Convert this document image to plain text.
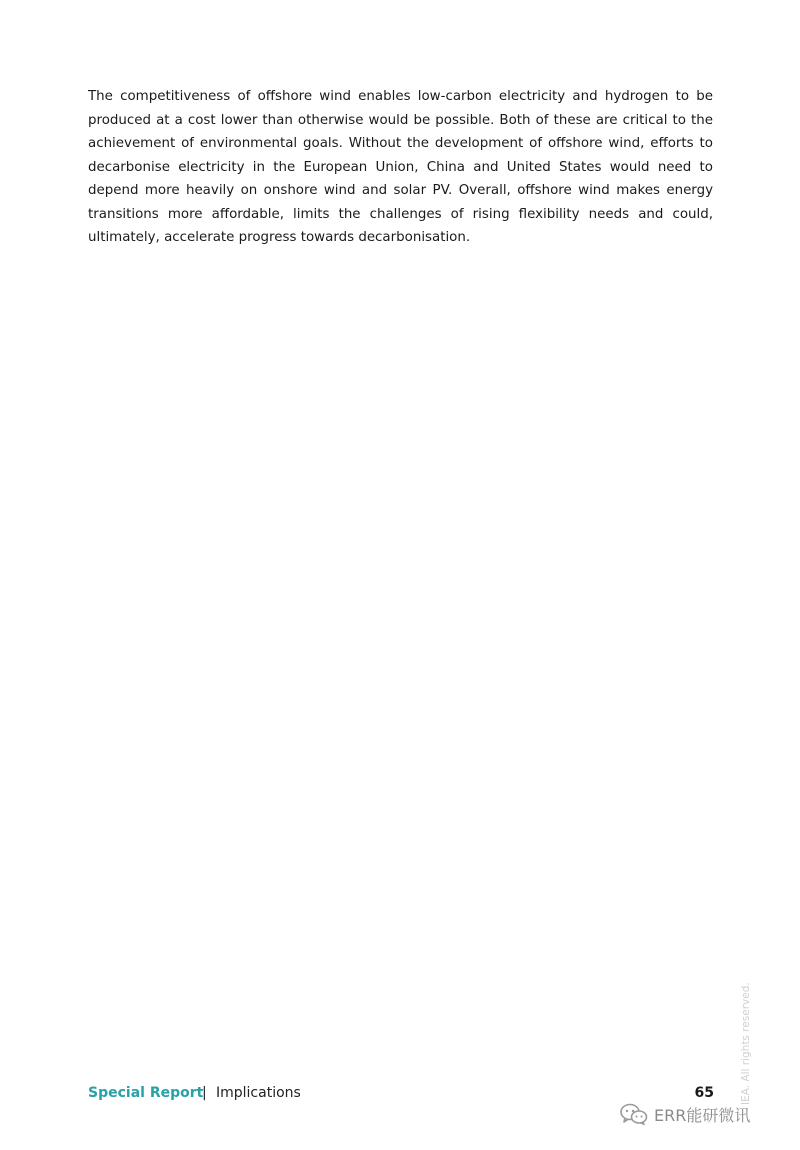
The competitiveness of offshore wind enables low-carbon electricity and hydrogen to be produced at a cost lower than otherwise would be possible. Both of these are critical to the achievement of environmental goals. Without the development of offshore wind, efforts to decarbonise electricity in the European Union, China and United States would need to depend more heavily on onshore wind and solar PV. Overall, offshore wind makes energy transitions more affordable, limits the challenges of rising flexibility needs and could, ultimately, accelerate progress towards decarbonisation.

IEA. All rights reserved.
Special Report
| Implications	65
ERR能研微讯
